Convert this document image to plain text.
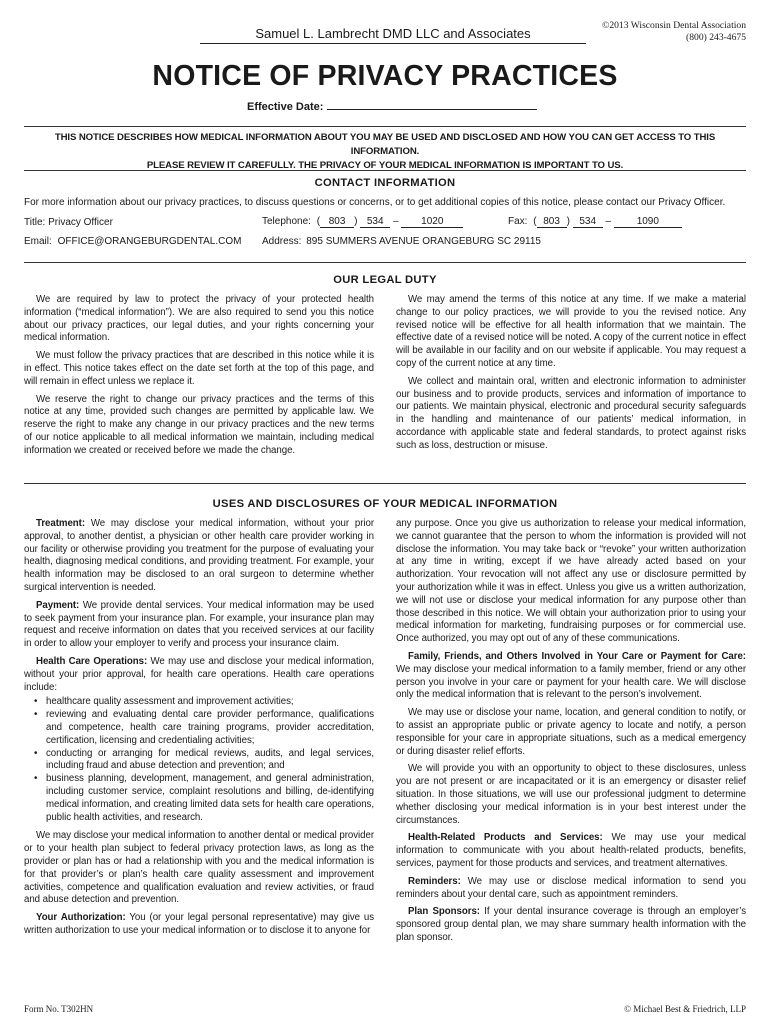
Samuel L. Lambrecht DMD LLC and Associates
©2013 Wisconsin Dental Association
(800) 243-4675
NOTICE OF PRIVACY PRACTICES
Effective Date:
THIS NOTICE DESCRIBES HOW MEDICAL INFORMATION ABOUT YOU MAY BE USED AND DISCLOSED AND HOW YOU CAN GET ACCESS TO THIS INFORMATION.
PLEASE REVIEW IT CAREFULLY. THE PRIVACY OF YOUR MEDICAL INFORMATION IS IMPORTANT TO US.
CONTACT INFORMATION
For more information about our privacy practices, to discuss questions or concerns, or to get additional copies of this notice, please contact our Privacy Officer.
Title: Privacy Officer	Telephone: ( 803 ) 534 – 1020	Fax: ( 803 ) 534 – 1090
Email: OFFICE@ORANGEBURGDENTAL.COM Address: 895 SUMMERS AVENUE ORANGEBURG SC 29115
OUR LEGAL DUTY

We are required by law to protect the privacy of your protected health information (“medical information”). We are also required to send you this notice about our privacy practices, our legal duties, and your rights concerning your medical information.

We must follow the privacy practices that are described in this notice while it is in effect. This notice takes effect on the date set forth at the top of this page, and will remain in effect unless we replace it.

We reserve the right to change our privacy practices and the terms of this notice at any time, provided such changes are permitted by applicable law. We reserve the right to make any change in our privacy practices and the new terms of our notice applicable to all medical information we maintain, including medical information we created or received before we made the change.

We may amend the terms of this notice at any time. If we make a material change to our policy practices, we will provide to you the revised notice. Any revised notice will be effective for all health information that we maintain. The effective date of a revised notice will be noted. A copy of the current notice in effect will be available in our facility and on our website if applicable. You may request a copy of the current notice at any time.

We collect and maintain oral, written and electronic information to administer our business and to provide products, services and information of importance to our patients. We maintain physical, electronic and procedural security safeguards in the handling and maintenance of our patients’ medical information, in accordance with applicable state and federal standards, to protect against risks such as loss, destruction or misuse.

USES AND DISCLOSURES OF YOUR MEDICAL INFORMATION

Treatment: We may disclose your medical information, without your prior approval, to another dentist, a physician or other health care provider working in our facility or otherwise providing you treatment for the purpose of evaluating your health, diagnosing medical conditions, and providing treatment. For example, your health information may be disclosed to an oral surgeon to determine whether surgical intervention is needed.

Payment: We provide dental services. Your medical information may be used to seek payment from your insurance plan. For example, your insurance plan may request and receive information on dates that you received services at our facility in order to allow your employer to verify and process your insurance claim.

Health Care Operations: We may use and disclose your medical information, without your prior approval, for health care operations. Health care operations include:

• healthcare quality assessment and improvement activities;
• reviewing and evaluating dental care provider performance, qualifications and competence, health care training programs, provider accreditation, certification, licensing and credentialing activities;
• conducting or arranging for medical reviews, audits, and legal services, including fraud and abuse detection and prevention; and
• business planning, development, management, and general administration, including customer service, complaint resolutions and billing, de-identifying medical information, and creating limited data sets for health care operations, public health activities, and research.

We may disclose your medical information to another dental or medical provider or to your health plan subject to federal privacy protection laws, as long as the provider or plan has or had a relationship with you and the medical information is for that provider’s or plan’s health care quality assessment and improvement activities, competence and qualification evaluation and review activities, or fraud and abuse detection and prevention.

Your Authorization: You (or your legal personal representative) may give us written authorization to use your medical information or to disclose it to anyone for

any purpose. Once you give us authorization to release your medical information, we cannot guarantee that the person to whom the information is provided will not disclose the information. You may take back or “revoke” your written authorization at any time in writing, except if we have already acted based on your authorization. Your revocation will not affect any use or disclosure permitted by your authorization while it was in effect. Unless you give us a written authorization, we will not use or disclose your medical information for any purpose other than those described in this notice. We will obtain your authorization prior to using your medical information for marketing, fundraising purposes or for commercial use. Once authorized, you may opt out of any of these communications.

Family, Friends, and Others Involved in Your Care or Payment for Care: We may disclose your medical information to a family member, friend or any other person you involve in your care or payment for your health care. We will disclose only the medical information that is relevant to the person’s involvement.

We may use or disclose your name, location, and general condition to notify, or to assist an appropriate public or private agency to locate and notify, a person responsible for your care in appropriate situations, such as a medical emergency or during disaster relief efforts.

We will provide you with an opportunity to object to these disclosures, unless you are not present or are incapacitated or it is an emergency or disaster relief situation. In those situations, we will use our professional judgment to determine whether disclosing your medical information is in your best interest under the circumstances.

Health-Related Products and Services: We may use your medical information to communicate with you about health-related products, benefits, services, payment for those products and services, and treatment alternatives.

Reminders: We may use or disclose medical information to send you reminders about your dental care, such as appointment reminders.

Plan Sponsors: If your dental insurance coverage is through an employer’s sponsored group dental plan, we may share summary health information with the plan sponsor.

Form No. T302HN	© Michael Best & Friedrich, LLP
